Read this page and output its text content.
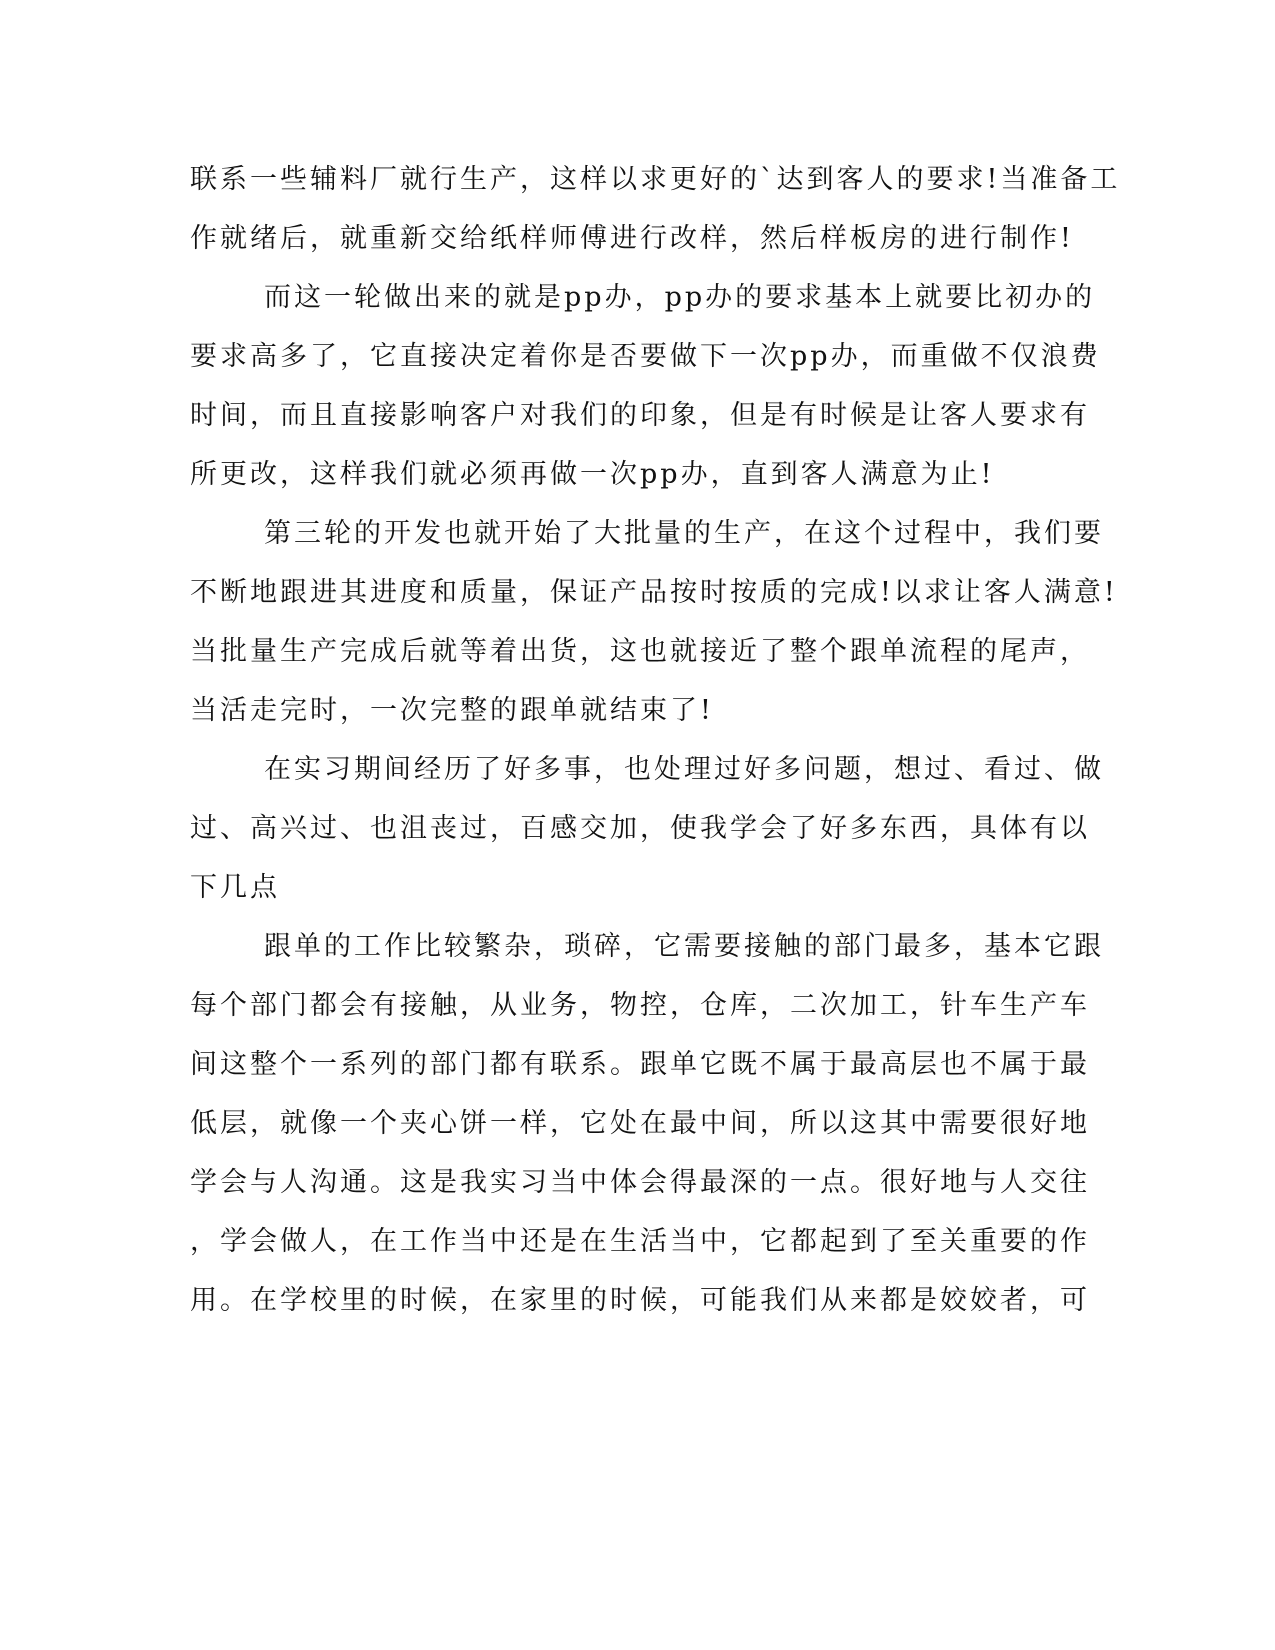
联系一些辅料厂就行生产，这样以求更好的`达到客人的要求!当准备工
作就绪后，就重新交给纸样师傅进行改样，然后样板房的进行制作!
而这一轮做出来的就是pp办，pp办的要求基本上就要比初办的
要求高多了，它直接决定着你是否要做下一次pp办，而重做不仅浪费
时间，而且直接影响客户对我们的印象，但是有时候是让客人要求有
所更改，这样我们就必须再做一次pp办，直到客人满意为止!
第三轮的开发也就开始了大批量的生产，在这个过程中，我们要
不断地跟进其进度和质量，保证产品按时按质的完成!以求让客人满意!
当批量生产完成后就等着出货，这也就接近了整个跟单流程的尾声，
当活走完时，一次完整的跟单就结束了!
在实习期间经历了好多事，也处理过好多问题，想过、看过、做
过、高兴过、也沮丧过，百感交加，使我学会了好多东西，具体有以
下几点
跟单的工作比较繁杂，琐碎，它需要接触的部门最多，基本它跟
每个部门都会有接触，从业务，物控，仓库，二次加工，针车生产车
间这整个一系列的部门都有联系。跟单它既不属于最高层也不属于最
低层，就像一个夹心饼一样，它处在最中间，所以这其中需要很好地
学会与人沟通。这是我实习当中体会得最深的一点。很好地与人交往
，学会做人，在工作当中还是在生活当中，它都起到了至关重要的作
用。在学校里的时候，在家里的时候，可能我们从来都是姣姣者，可
